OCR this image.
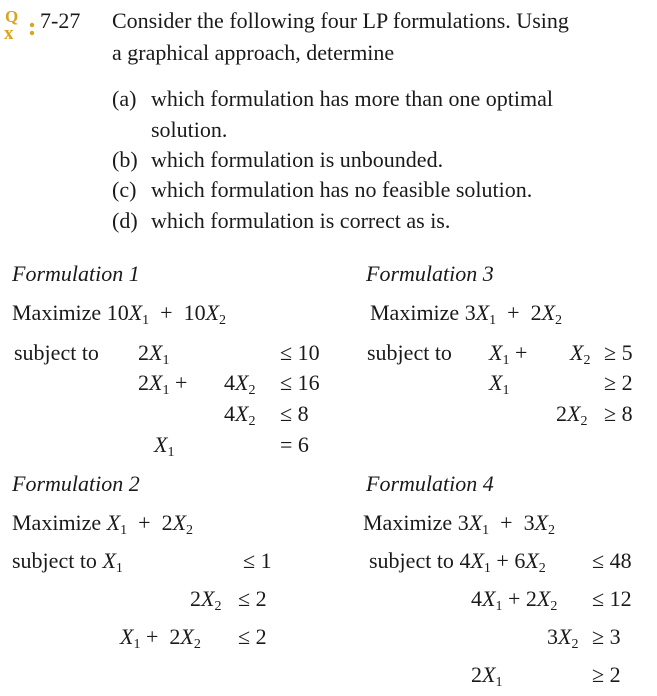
Q
x
7-27 Consider the following four LP formulations. Using
a graphical approach, determine
(a) which formulation has more than one optimal
solution.
(b) which formulation is unbounded.
(c) which formulation has no feasible solution.
(d) which formulation is correct as is.
Formulation 1
Maximize $10X_1 + 10X_2$
subject to $2X_1$	≤ 10
$2X_1 + 4X_2 \le 16$
$4X_2 \le 8$
$X_1$	= 6
Formulation 2
Maximize $X_1 + 2X_2$
subject to $X_1$	≤ 1
$2X_2 \le 2$
$X_1 + 2X_2 \le 2$
Formulation 3
Maximize $3X_1 + 2X_2$
subject to $X_1 + X_2 \ge 5$
$X_1$	≥ 2
$2X_2 \ge 8$
Formulation 4
Maximize $3X_1 + 3X_2$
subject to $4X_1 + 6X_2 \le 48$
$4X_1 + 2X_2 \le 12$
$3X_2 \ge 3$
$2X_1$	≥ 2
